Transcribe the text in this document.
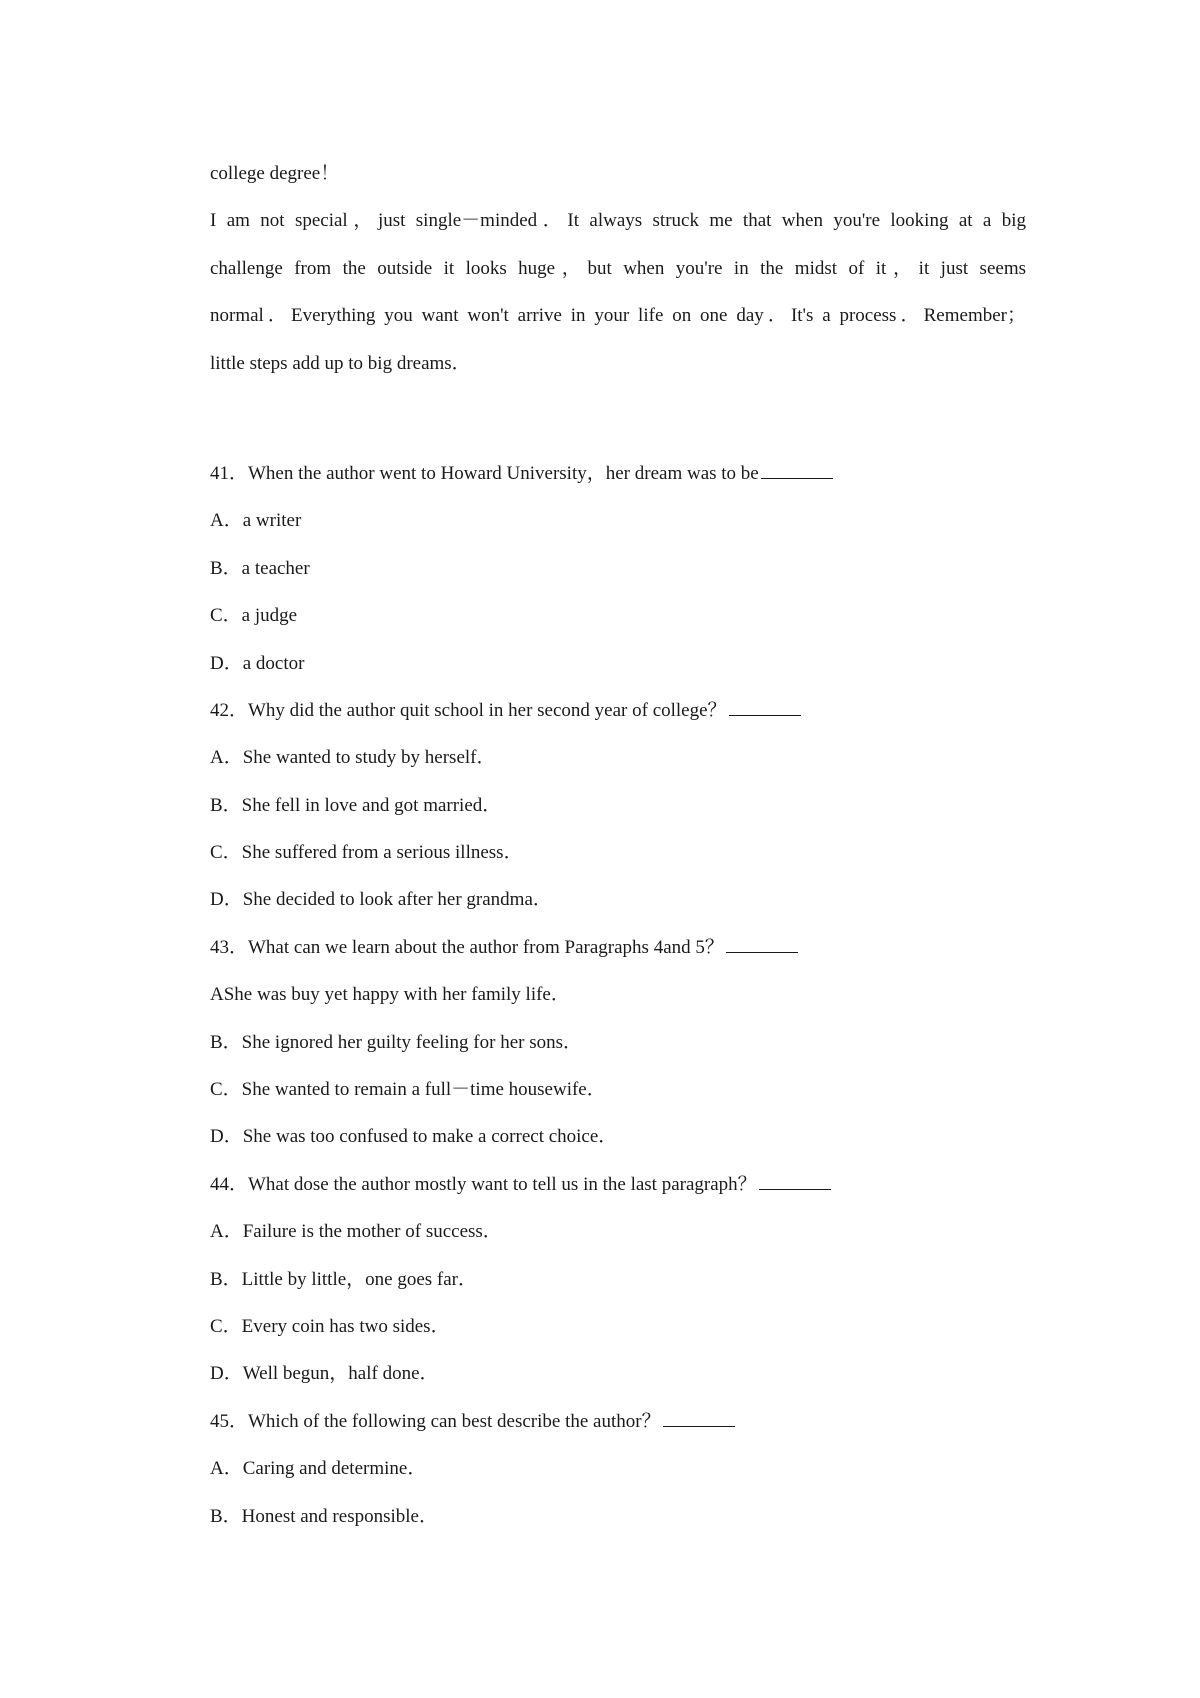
college degree！
I am not special，just single－minded．It always struck me that when you're looking at a big
challenge from the outside it looks huge，but when you're in the midst of it，it just seems
normal．Everything you want won't arrive in your life on one day．It's a process．Remember；
little steps add up to big dreams．
41．When the author went to Howard University，her dream was to be
A．a writer
B．a teacher
C．a judge
D．a doctor
42．Why did the author quit school in her second year of college？
A．She wanted to study by herself．
B．She fell in love and got married．
C．She suffered from a serious illness．
D．She decided to look after her grandma．
43．What can we learn about the author from Paragraphs 4and 5？
AShe was buy yet happy with her family life．
B．She ignored her guilty feeling for her sons．
C．She wanted to remain a full－time housewife．
D．She was too confused to make a correct choice．
44．What dose the author mostly want to tell us in the last paragraph？
A．Failure is the mother of success．
B．Little by little，one goes far．
C．Every coin has two sides．
D．Well begun，half done．
45．Which of the following can best describe the author？
A．Caring and determine．
B．Honest and responsible．
